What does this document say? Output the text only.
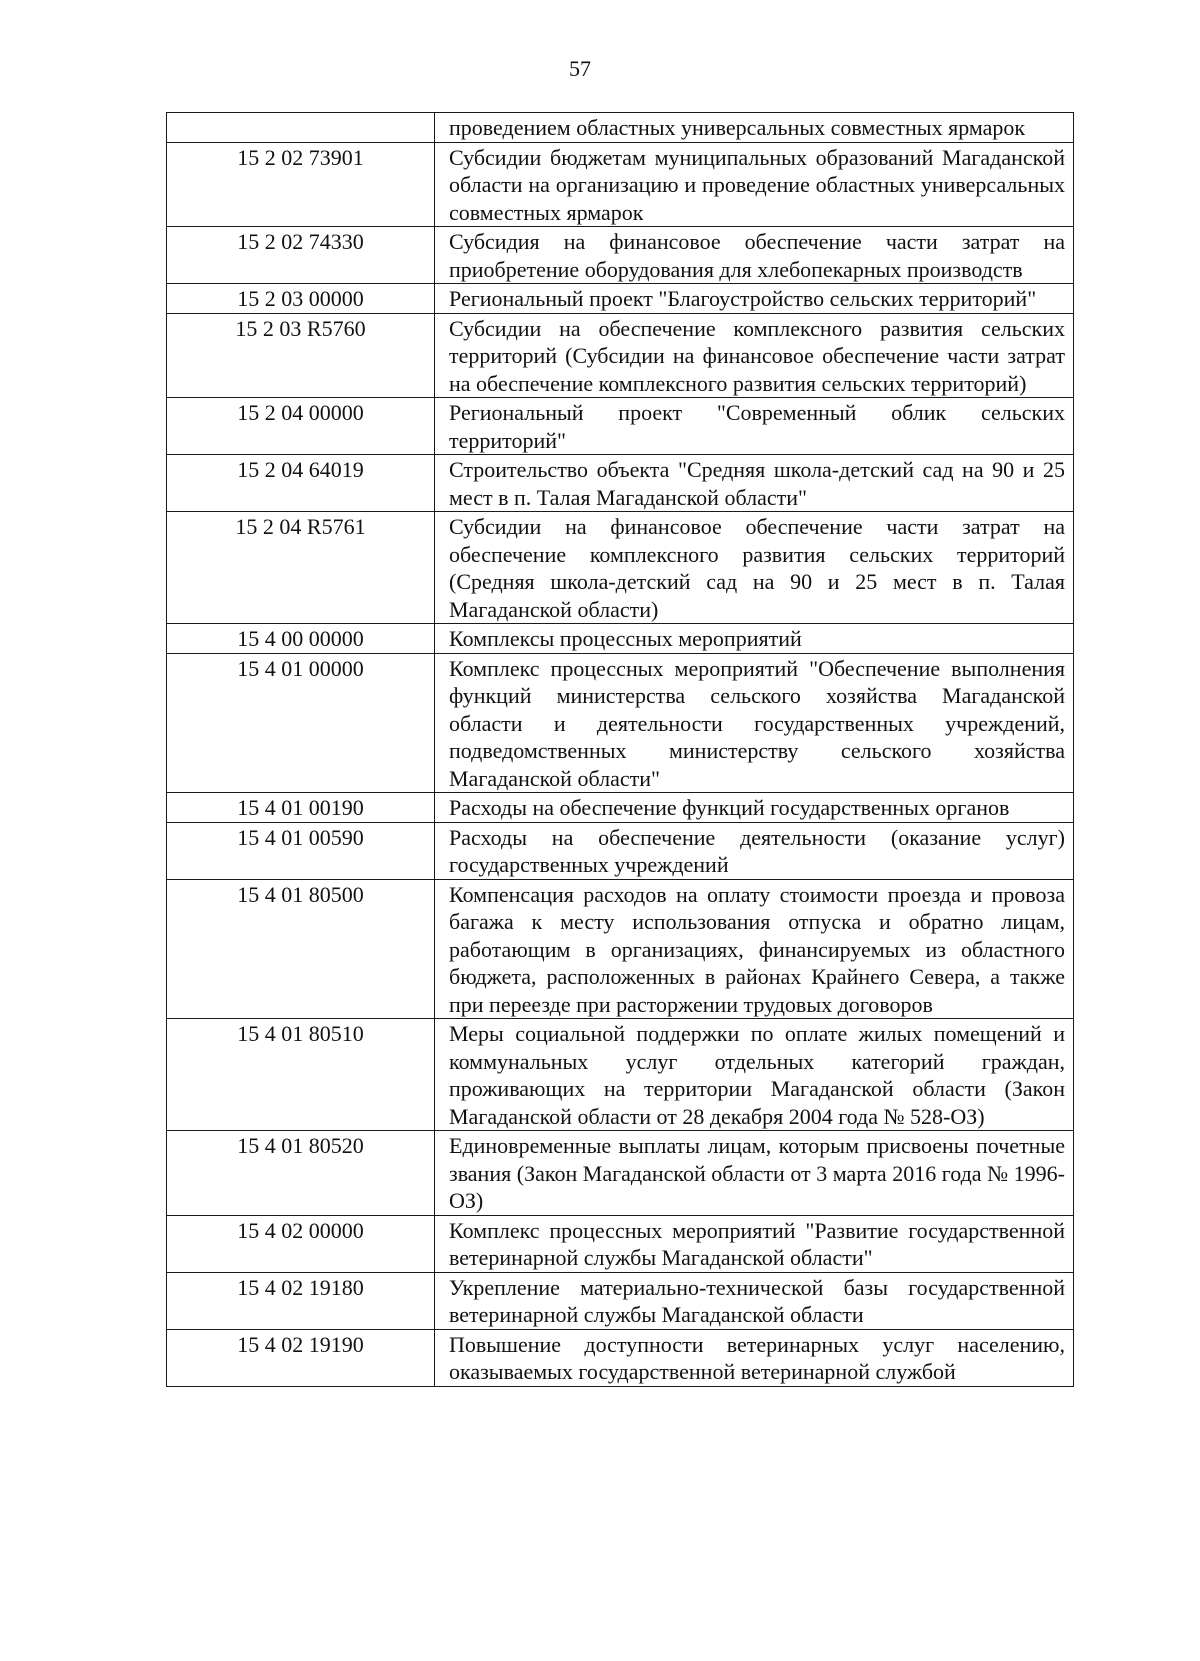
57
	проведением областных универсальных совместных ярмарок
15 2 02 73901	Субсидии бюджетам муниципальных образований Магаданской области на организацию и проведение областных универсальных совместных ярмарок
15 2 02 74330	Субсидия на финансовое обеспечение части затрат на приобретение оборудования для хлебопекарных производств
15 2 03 00000	Региональный проект "Благоустройство сельских территорий"
15 2 03 R5760	Субсидии на обеспечение комплексного развития сельских территорий (Субсидии на финансовое обеспечение части затрат на обеспечение комплексного развития сельских территорий)
15 2 04 00000	Региональный проект "Современный облик сельских территорий"
15 2 04 64019	Строительство объекта "Средняя школа-детский сад на 90 и 25 мест в п. Талая Магаданской области"
15 2 04 R5761	Субсидии на финансовое обеспечение части затрат на обеспечение комплексного развития сельских территорий (Средняя школа-детский сад на 90 и 25 мест в п. Талая Магаданской области)
15 4 00 00000	Комплексы процессных мероприятий
15 4 01 00000	Комплекс процессных мероприятий "Обеспечение выполнения функций министерства сельского хозяйства Магаданской области и деятельности государственных учреждений, подведомственных министерству сельского хозяйства Магаданской области"
15 4 01 00190	Расходы на обеспечение функций государственных органов
15 4 01 00590	Расходы на обеспечение деятельности (оказание услуг) государственных учреждений
15 4 01 80500	Компенсация расходов на оплату стоимости проезда и провоза багажа к месту использования отпуска и обратно лицам, работающим в организациях, финансируемых из областного бюджета, расположенных в районах Крайнего Севера, а также при переезде при расторжении трудовых договоров
15 4 01 80510	Меры социальной поддержки по оплате жилых помещений и коммунальных услуг отдельных категорий граждан, проживающих на территории Магаданской области (Закон Магаданской области от 28 декабря 2004 года № 528-ОЗ)
15 4 01 80520	Единовременные выплаты лицам, которым присвоены почетные звания (Закон Магаданской области от 3 марта 2016 года № 1996-ОЗ)
15 4 02 00000	Комплекс процессных мероприятий "Развитие государственной ветеринарной службы Магаданской области"
15 4 02 19180	Укрепление материально-технической базы государственной ветеринарной службы Магаданской области
15 4 02 19190	Повышение доступности ветеринарных услуг населению, оказываемых государственной ветеринарной службой
